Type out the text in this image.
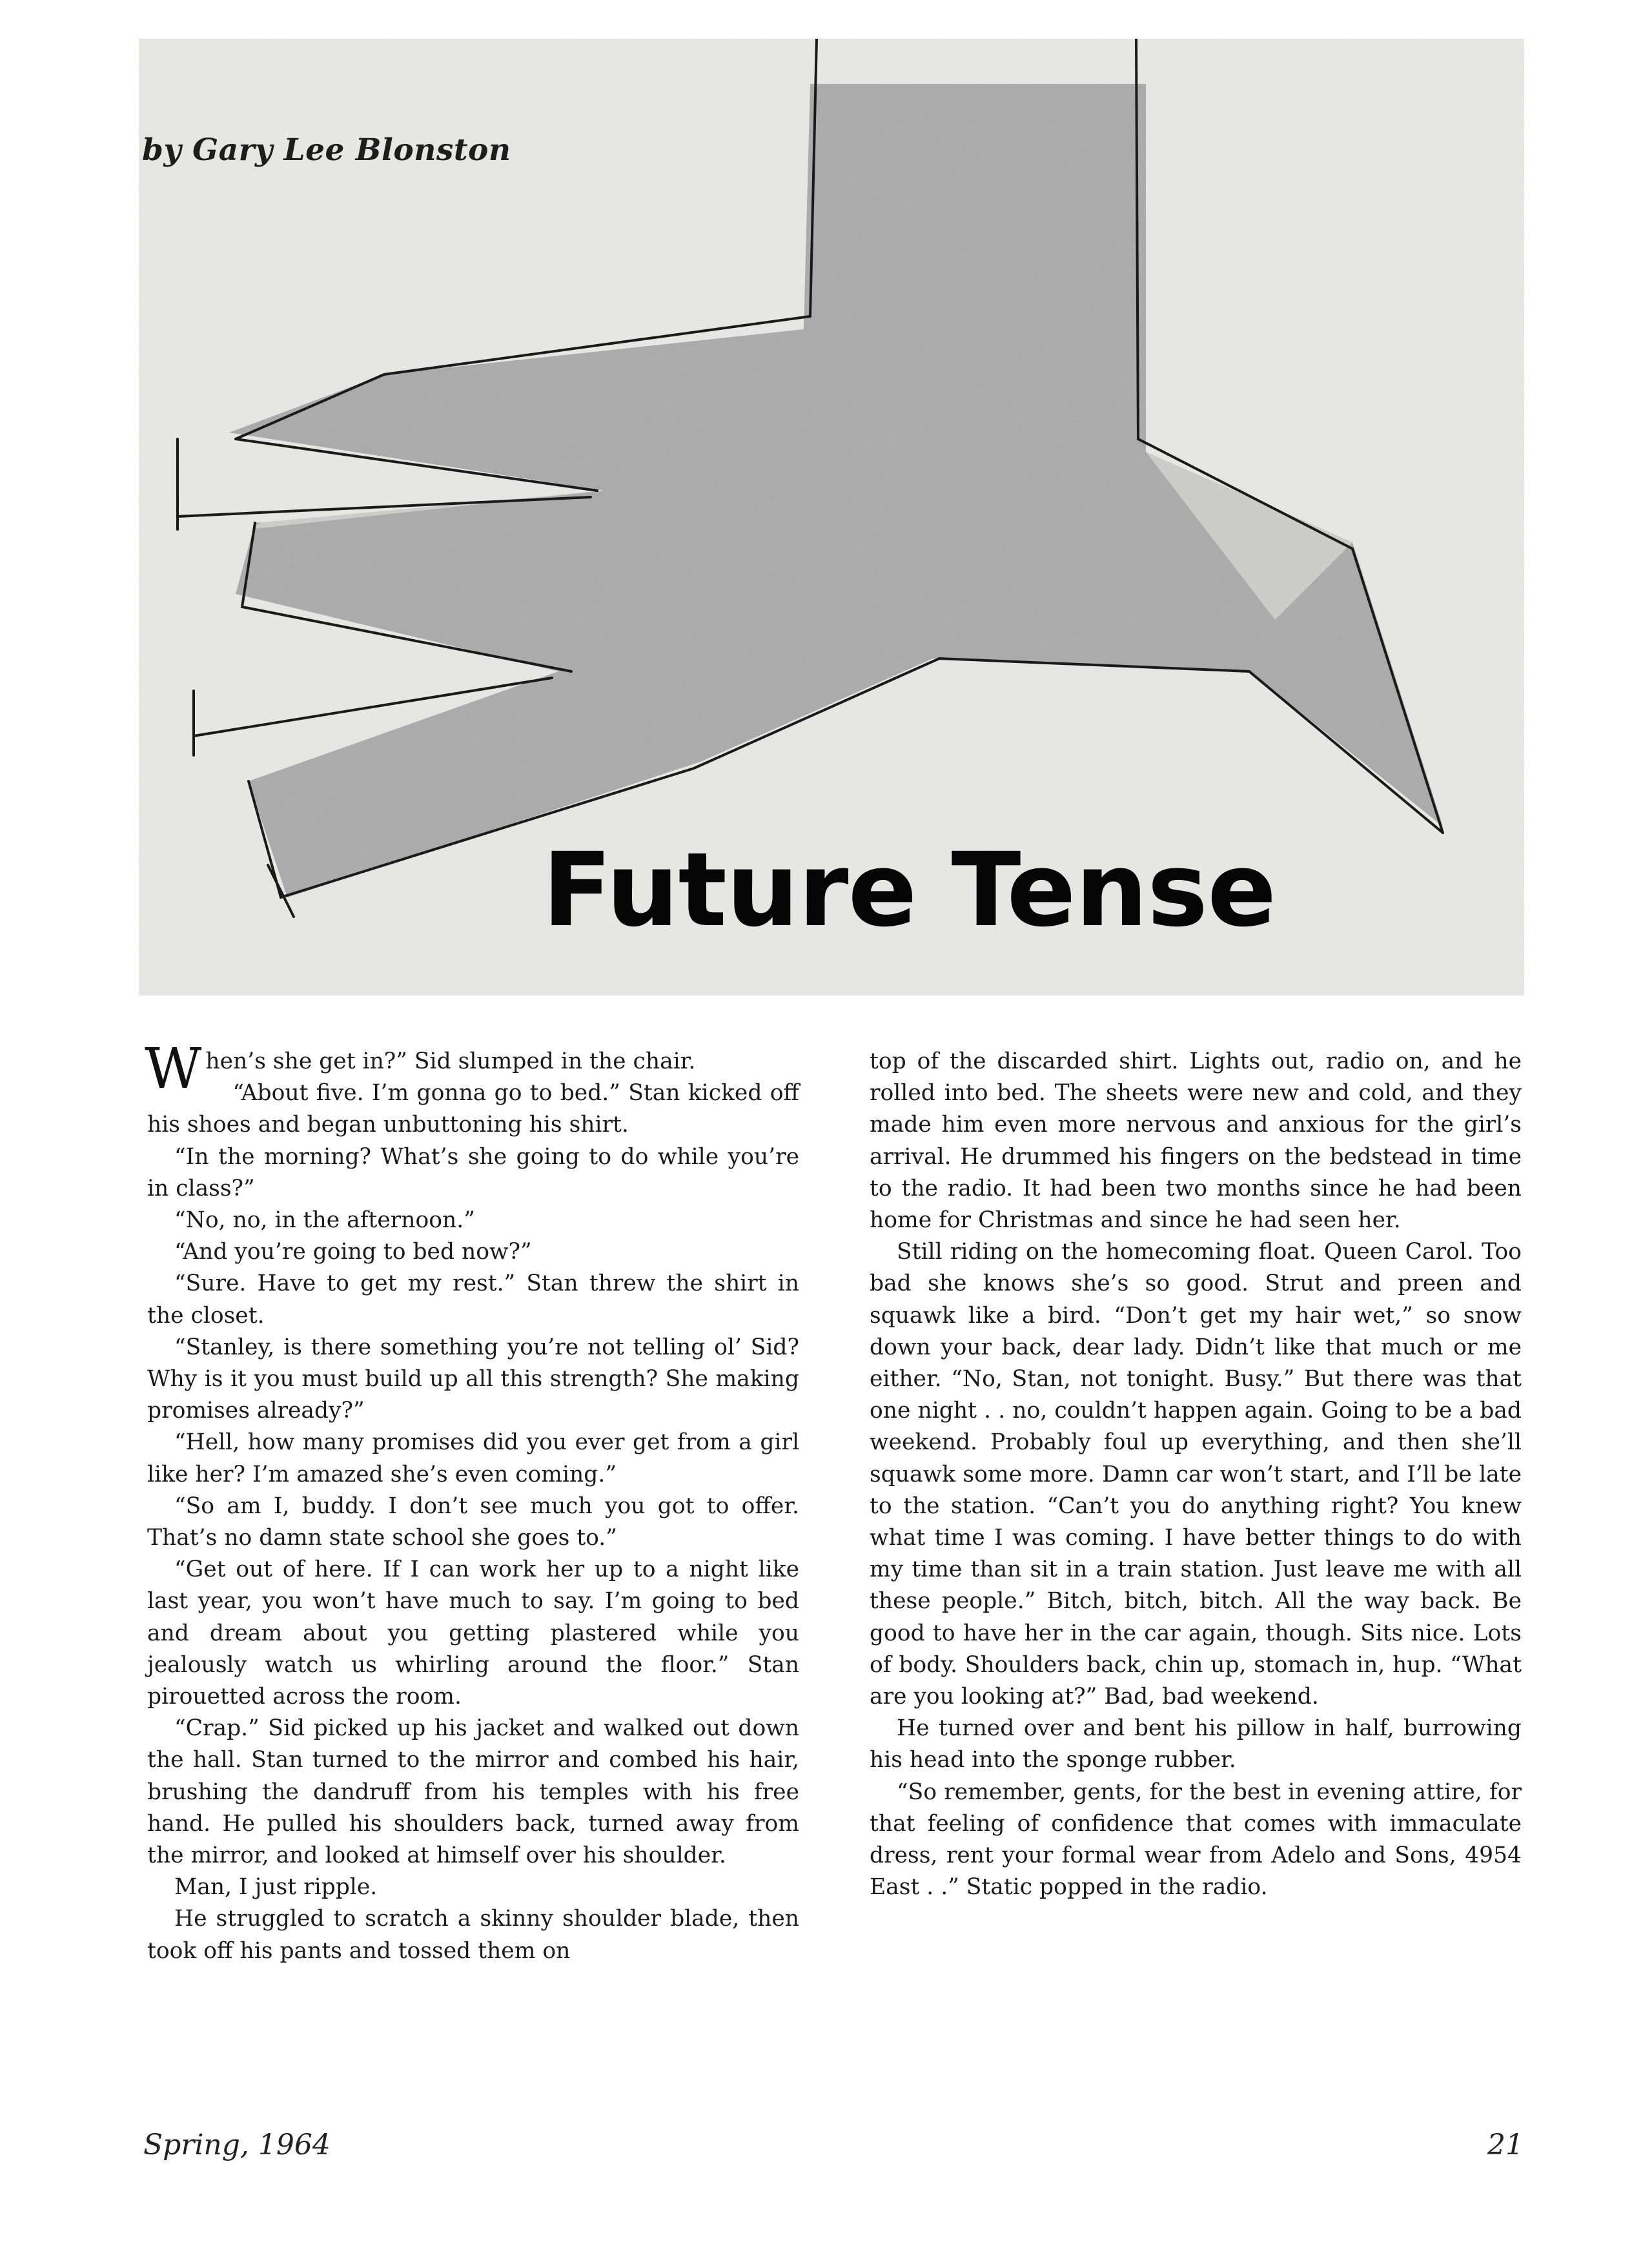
by Gary Lee Blonston

Future Tense

When’s she get in?” Sid slumped in the chair.

“About five. I’m gonna go to bed.” Stan kicked off his shoes and began unbuttoning his shirt.

“In the morning? What’s she going to do while you’re in class?”

“No, no, in the afternoon.”

“And you’re going to bed now?”

“Sure. Have to get my rest.” Stan threw the shirt in the closet.

“Stanley, is there something you’re not telling ol’ Sid? Why is it you must build up all this strength? She making promises already?”

“Hell, how many promises did you ever get from a girl like her? I’m amazed she’s even coming.”

“So am I, buddy. I don’t see much you got to offer. That’s no damn state school she goes to.”

“Get out of here. If I can work her up to a night like last year, you won’t have much to say. I’m going to bed and dream about you getting plastered while you jealously watch us whirling around the floor.” Stan pirouetted across the room.

“Crap.” Sid picked up his jacket and walked out down the hall. Stan turned to the mirror and combed his hair, brushing the dandruff from his temples with his free hand. He pulled his shoulders back, turned away from the mirror, and looked at himself over his shoulder.

Man, I just ripple.

He struggled to scratch a skinny shoulder blade, then took off his pants and tossed them on

top of the discarded shirt. Lights out, radio on, and he rolled into bed. The sheets were new and cold, and they made him even more nervous and anxious for the girl’s arrival. He drummed his fingers on the bedstead in time to the radio. It had been two months since he had been home for Christmas and since he had seen her.

Still riding on the homecoming float. Queen Carol. Too bad she knows she’s so good. Strut and preen and squawk like a bird. “Don’t get my hair wet,” so snow down your back, dear lady. Didn’t like that much or me either. “No, Stan, not tonight. Busy.” But there was that one night . . no, couldn’t happen again. Going to be a bad weekend. Probably foul up everything, and then she’ll squawk some more. Damn car won’t start, and I’ll be late to the station. “Can’t you do anything right? You knew what time I was coming. I have better things to do with my time than sit in a train station. Just leave me with all these people.” Bitch, bitch, bitch. All the way back. Be good to have her in the car again, though. Sits nice. Lots of body. Shoulders back, chin up, stomach in, hup. “What are you looking at?” Bad, bad weekend.

He turned over and bent his pillow in half, burrowing his head into the sponge rubber.

“So remember, gents, for the best in evening attire, for that feeling of confidence that comes with immaculate dress, rent your formal wear from Adelo and Sons, 4954 East . .” Static popped in the radio.

Spring, 1964	21
